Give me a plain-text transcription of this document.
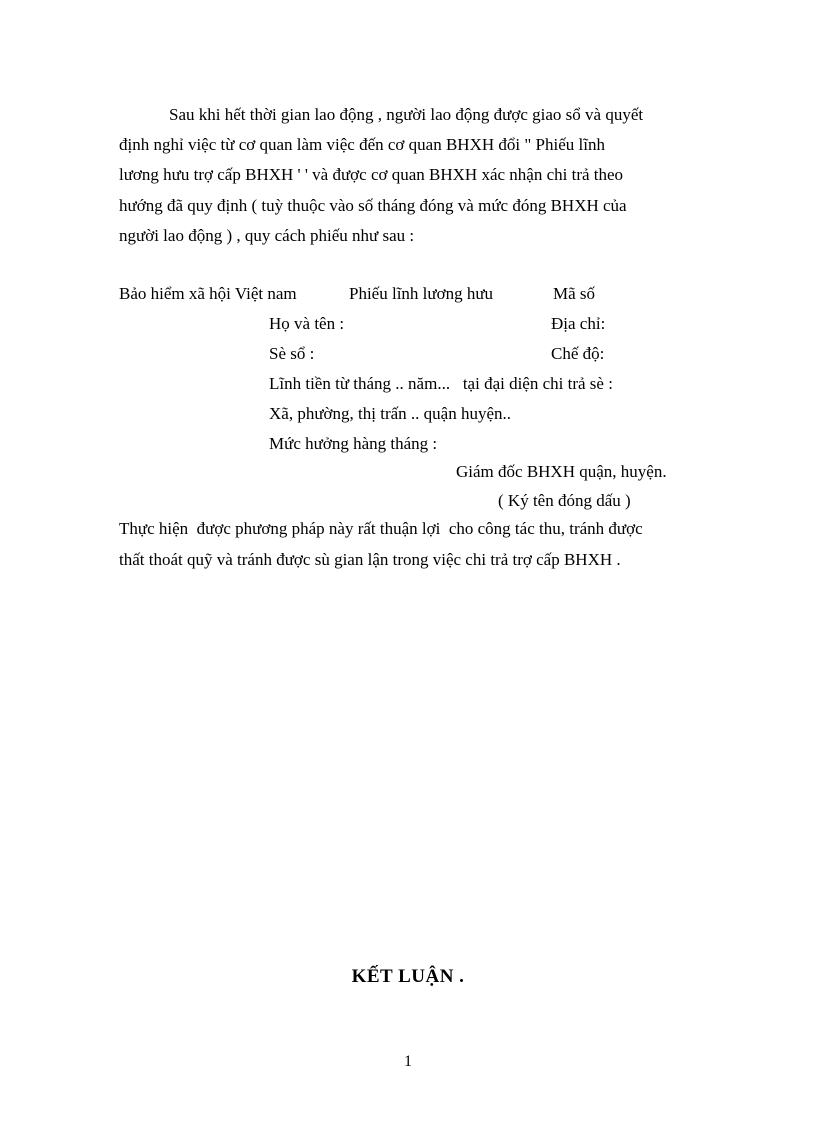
Sau khi hết thời gian lao động , người lao động được giao sổ và quyết
định nghỉ việc từ cơ quan làm việc đến cơ quan BHXH đổi " Phiếu lĩnh
lương hưu trợ cấp BHXH ' ' và được cơ quan BHXH xác nhận chi trả theo
hướng đã quy định ( tuỳ thuộc vào số tháng đóng và mức đóng BHXH của
người lao động ) , quy cách phiếu như sau :
Bảo hiểm xã hội Việt nam	Phiếu lĩnh lương hưu	Mã số
Họ và tên :	Địa chỉ:
Sè sổ :	Chế độ:
Lĩnh tiền từ tháng .. năm...   tại đại diện chi trả sè :
Xã, phường, thị trấn .. quận huyện..
Mức hưởng hàng tháng :
Giám đốc BHXH quận, huyện.
( Ký tên đóng dấu )
Thực hiện  được phương pháp này rất thuận lợi  cho công tác thu, tránh được
thất thoát quỹ và tránh được sù gian lận trong việc chi trả trợ cấp BHXH .
KẾT LUẬN .
1
